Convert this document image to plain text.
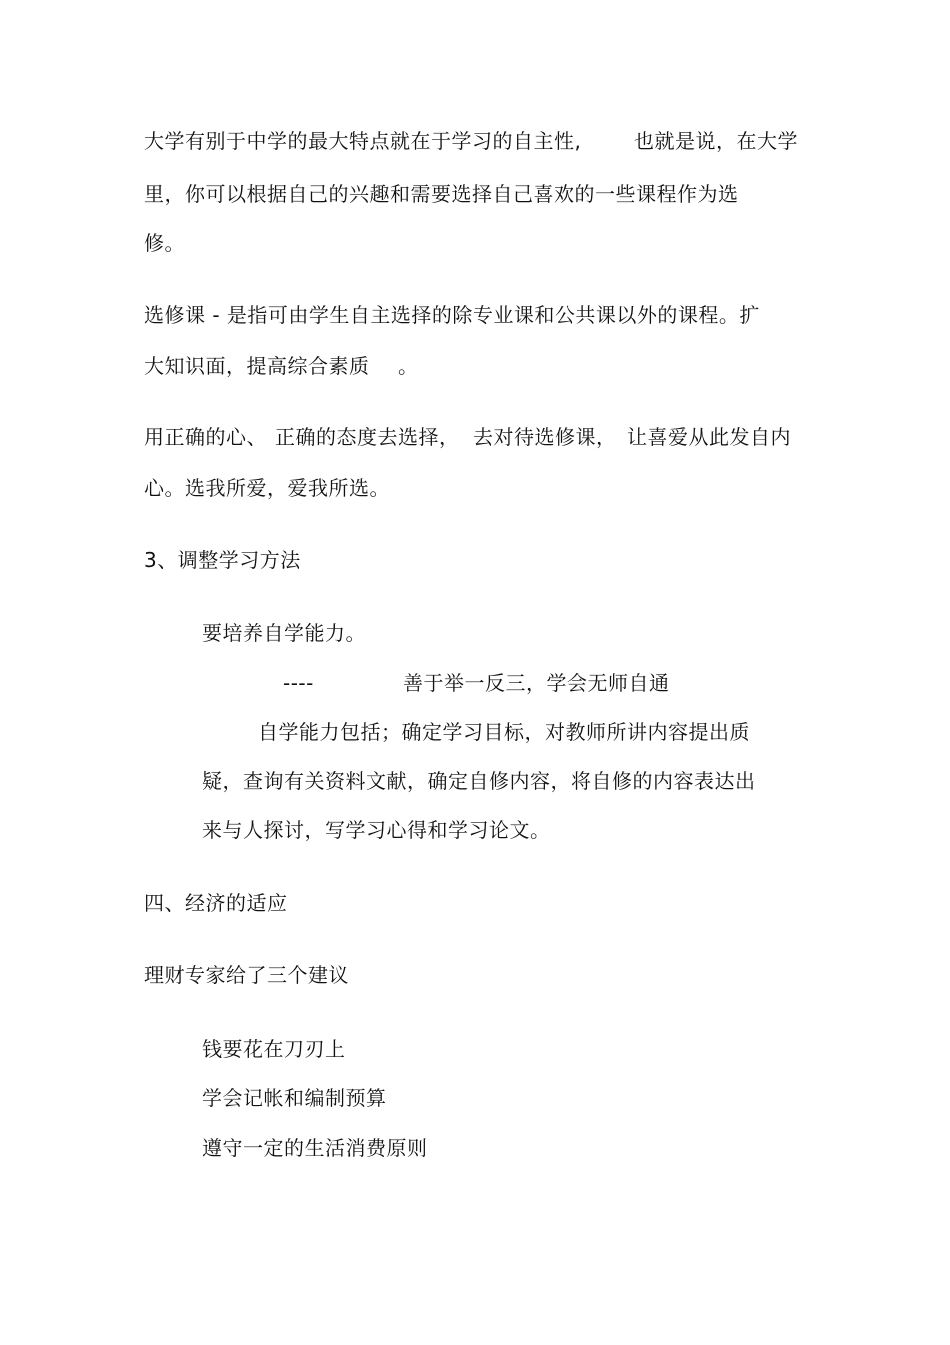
大学有别于中学的最大特点就在于学习的自主性,	也就是说，在大学
里，你可以根据自己的兴趣和需要选择自己喜欢的一些课程作为选
修。
选修课 - 是指可由学生自主选择的除专业课和公共课以外的课程。扩
大知识面，提高综合素质 。
用正确的心、 正确的态度去选择， 去对待选修课， 让喜爱从此发自内
心。选我所爱，爱我所选。
3、调整学习方法
要培养自学能力。
----	善于举一反三，学会无师自通
自学能力包括；确定学习目标，对教师所讲内容提出质
疑，查询有关资料文献，确定自修内容，将自修的内容表达出
来与人探讨，写学习心得和学习论文。
四、经济的适应
理财专家给了三个建议
钱要花在刀刃上
学会记帐和编制预算
遵守一定的生活消费原则
